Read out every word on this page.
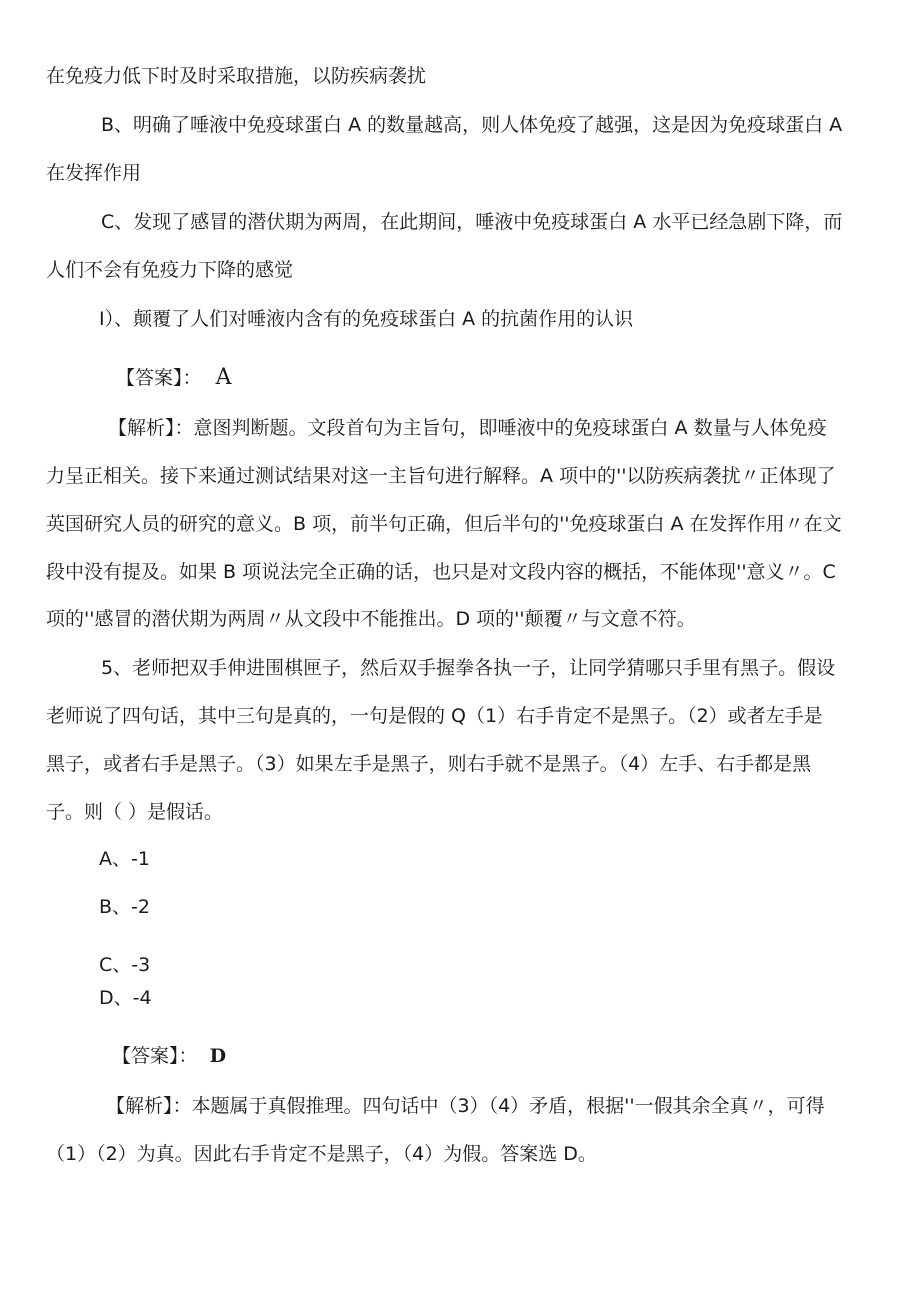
在免疫力低下时及时采取措施，以防疾病袭扰
B、明确了唾液中免疫球蛋白 A 的数量越高，则人体免疫了越强，这是因为免疫球蛋白 A
在发挥作用
C、发现了感冒的潜伏期为两周，在此期间，唾液中免疫球蛋白 A 水平已经急剧下降，而
人们不会有免疫力下降的感觉
I）、颠覆了人们对唾液内含有的免疫球蛋白 A 的抗菌作用的认识
【答案】： A
【解析】：意图判断题。文段首句为主旨句，即唾液中的免疫球蛋白 A 数量与人体免疫
力呈正相关。接下来通过测试结果对这一主旨句进行解释。A 项中的''以防疾病袭扰〃正体现了
英国研究人员的研究的意义。B 项，前半句正确，但后半句的''免疫球蛋白 A 在发挥作用〃在文
段中没有提及。如果 B 项说法完全正确的话，也只是对文段内容的概括，不能体现''意义〃。C
项的''感冒的潜伏期为两周〃从文段中不能推出。D 项的''颠覆〃与文意不符。
5、老师把双手伸进围棋匣子，然后双手握拳各执一子，让同学猜哪只手里有黑子。假设
老师说了四句话，其中三句是真的，一句是假的 Q（1）右手肯定不是黑子。（2）或者左手是
黑子，或者右手是黑子。（3）如果左手是黑子，则右手就不是黑子。（4）左手、右手都是黑
子。则（ ）是假话。
A、-1
B、-2
C、-3
D、-4
【答案】： D
【解析】：本题属于真假推理。四句话中（3）（4）矛盾，根据''一假其余全真〃，可得
（1）（2）为真。因此右手肯定不是黑子，（4）为假。答案选 D。
